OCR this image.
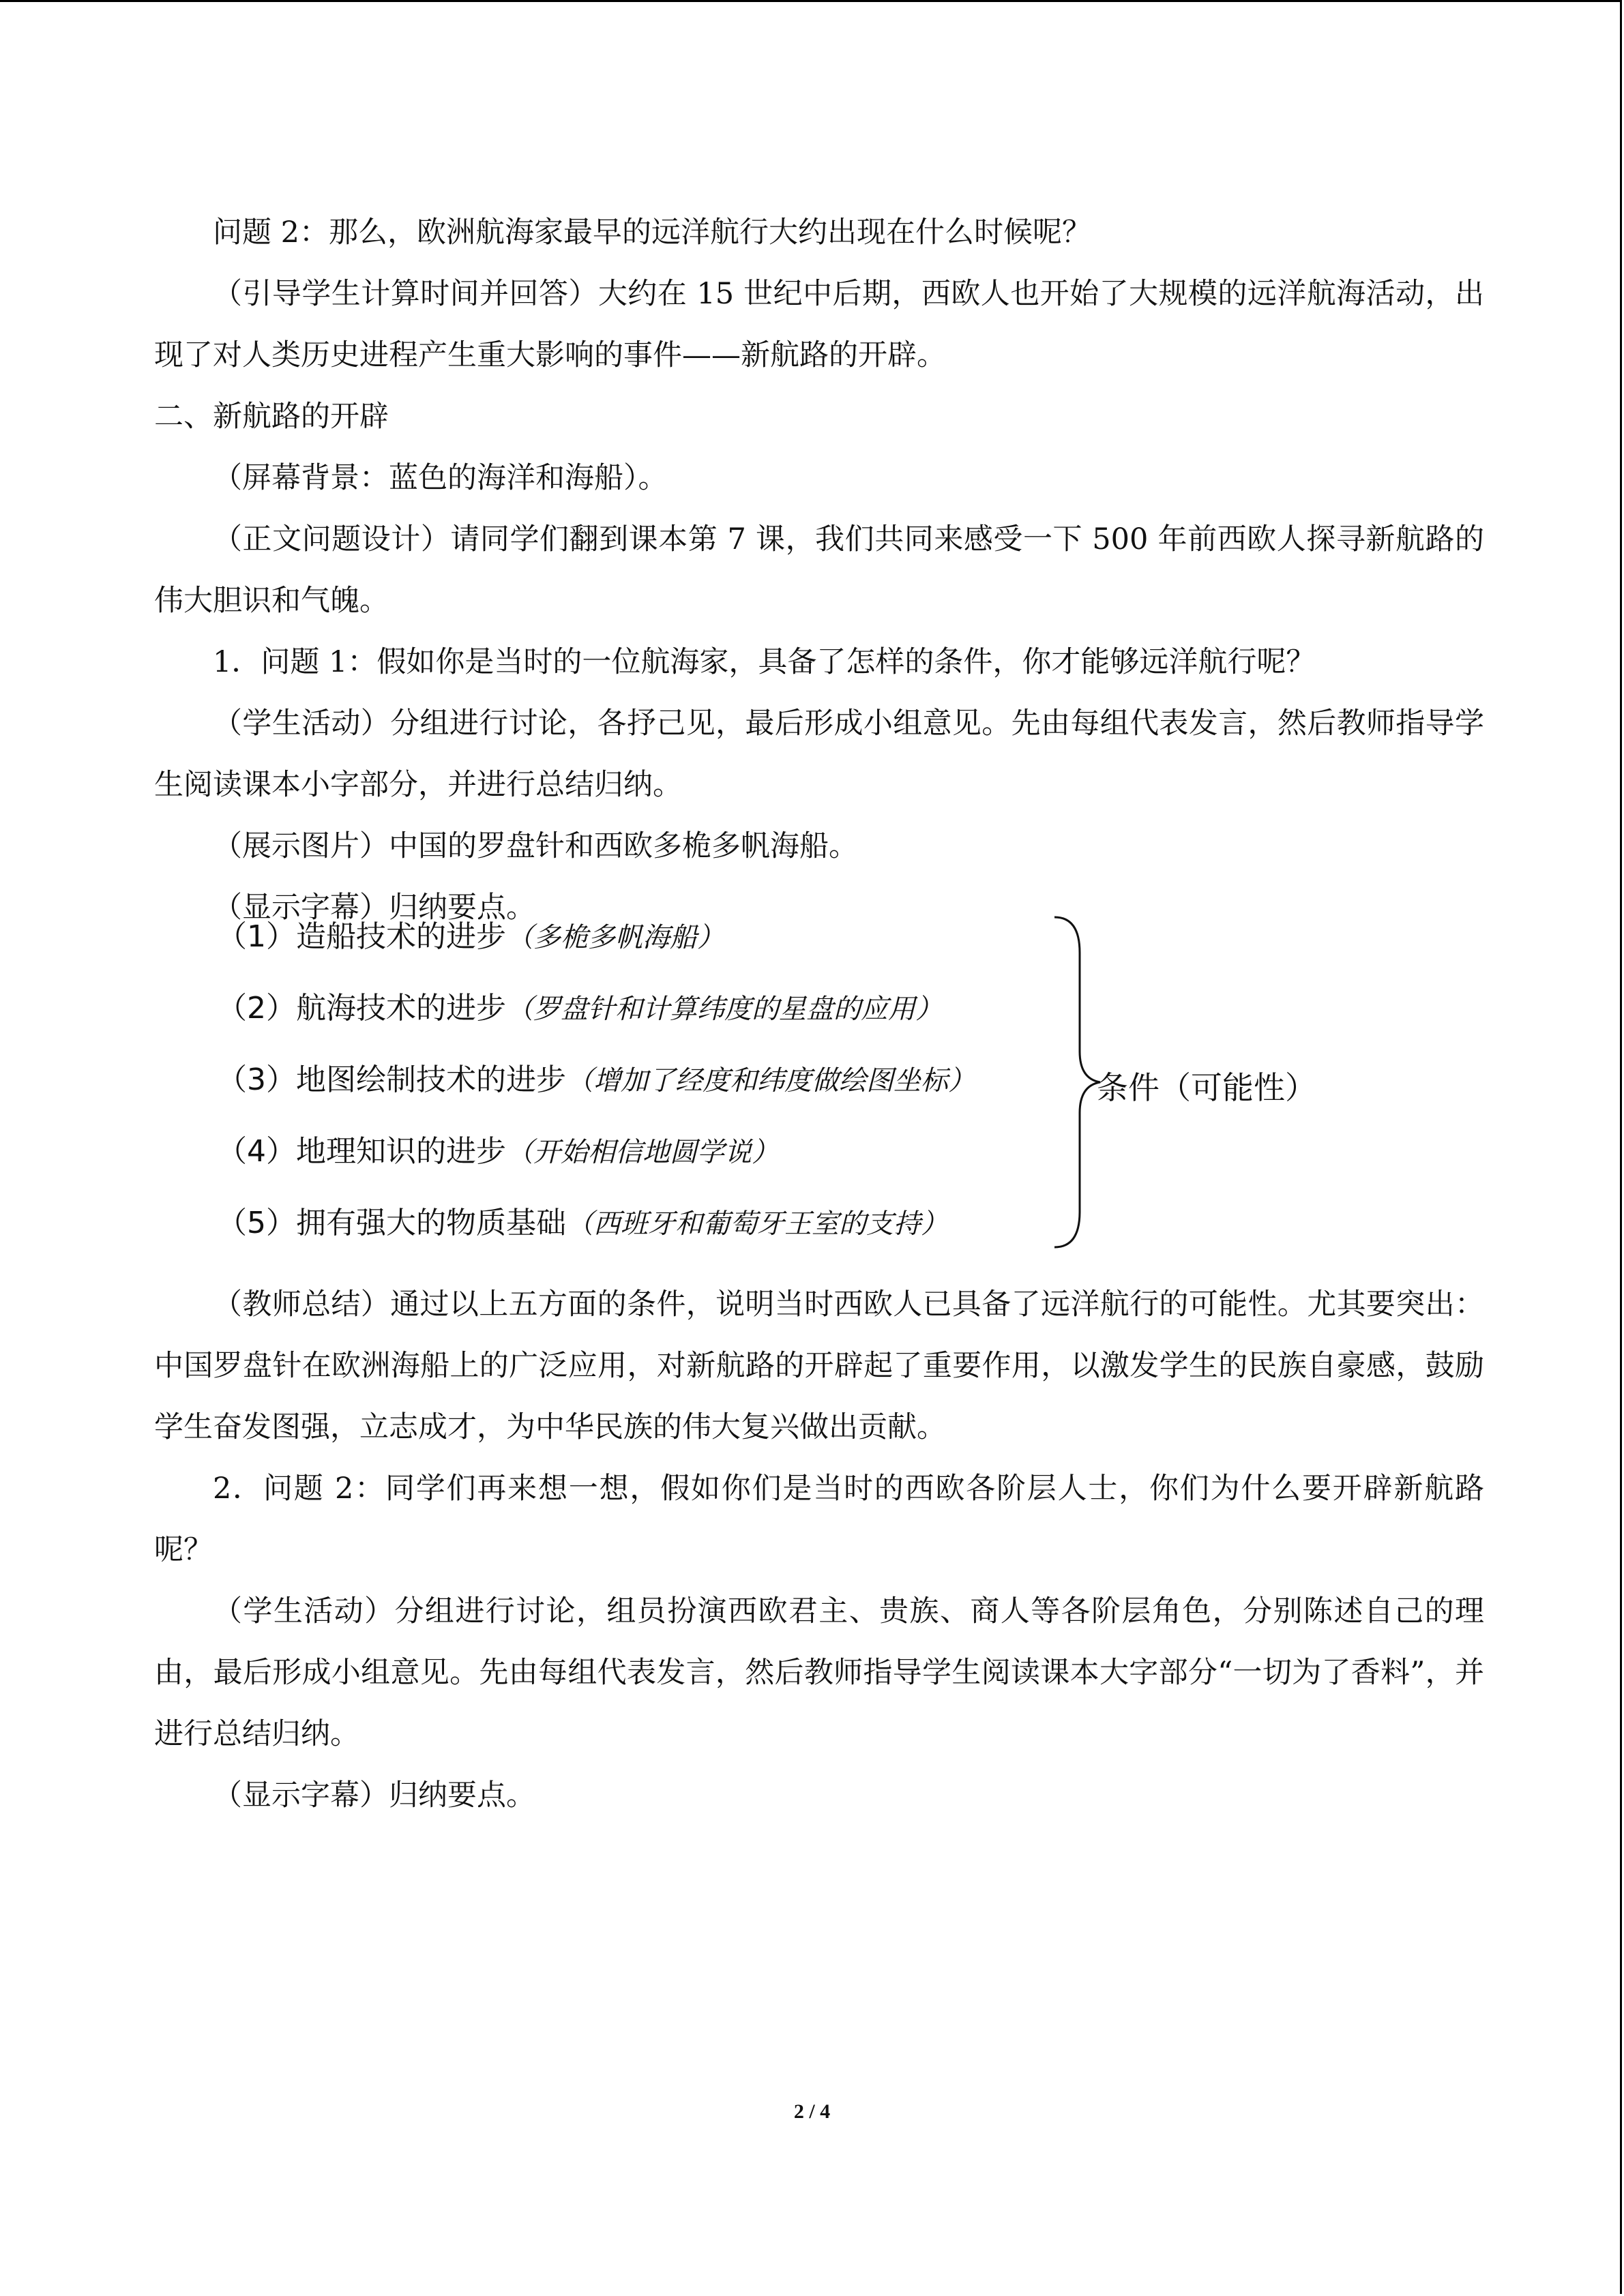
问题 2：那么，欧洲航海家最早的远洋航行大约出现在什么时候呢？

（引导学生计算时间并回答）大约在 15 世纪中后期，西欧人也开始了大规模的远洋航海活动，出现了对人类历史进程产生重大影响的事件——新航路的开辟。

二、新航路的开辟

（屏幕背景：蓝色的海洋和海船）。

（正文问题设计）请同学们翻到课本第 7 课，我们共同来感受一下 500 年前西欧人探寻新航路的伟大胆识和气魄。

1．问题 1：假如你是当时的一位航海家，具备了怎样的条件，你才能够远洋航行呢？

（学生活动）分组进行讨论，各抒己见，最后形成小组意见。先由每组代表发言，然后教师指导学生阅读课本小字部分，并进行总结归纳。

（展示图片）中国的罗盘针和西欧多桅多帆海船。

（显示字幕）归纳要点。

（1）造船技术的进步（多桅多帆海船）
（2）航海技术的进步（罗盘针和计算纬度的星盘的应用）
（3）地图绘制技术的进步（增加了经度和纬度做绘图坐标）
（4）地理知识的进步（开始相信地圆学说）
（5）拥有强大的物质基础（西班牙和葡萄牙王室的支持）
条件（可能性）

（教师总结）通过以上五方面的条件，说明当时西欧人已具备了远洋航行的可能性。尤其要突出：中国罗盘针在欧洲海船上的广泛应用，对新航路的开辟起了重要作用，以激发学生的民族自豪感，鼓励学生奋发图强，立志成才，为中华民族的伟大复兴做出贡献。

2．问题 2：同学们再来想一想，假如你们是当时的西欧各阶层人士，你们为什么要开辟新航路呢？

（学生活动）分组进行讨论，组员扮演西欧君主、贵族、商人等各阶层角色，分别陈述自己的理由，最后形成小组意见。先由每组代表发言，然后教师指导学生阅读课本大字部分“一切为了香料”，并进行总结归纳。

（显示字幕）归纳要点。

2 / 4
